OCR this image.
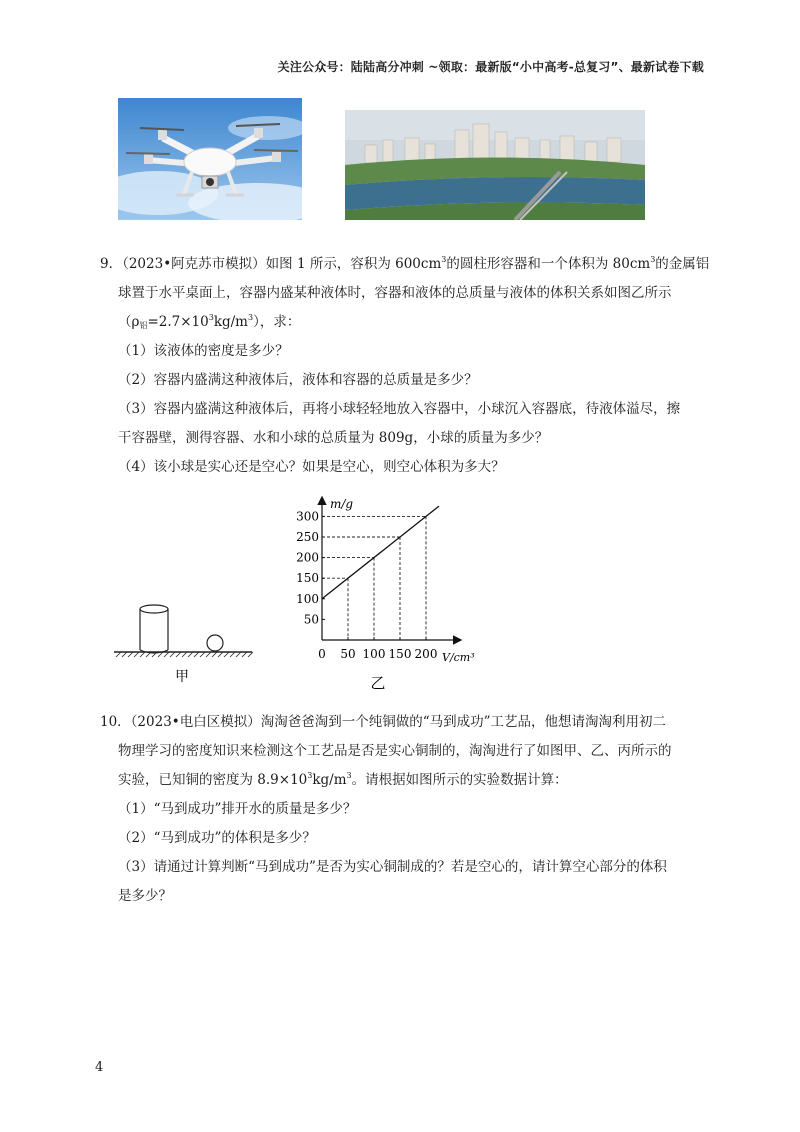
关注公众号：陆陆高分冲刺 ~领取：最新版“小中高考-总复习”、最新试卷下载

9．（2023•阿克苏市模拟）如图 1 所示，容积为 $600cm^3$的圆柱形容器和一个体积为 $80cm^3$的金属铝

球置于水平桌面上，容器内盛某种液体时，容器和液体的总质量与液体的体积关系如图乙所示

$(\rho_铝=2.7\times 10^3kg/m^3)$，求：

（1）该液体的密度是多少？

（2）容器内盛满这种液体后，液体和容器的总质量是多少？

（3）容器内盛满这种液体后，再将小球轻轻地放入容器中，小球沉入容器底，待液体溢尽，擦

干容器壁，测得容器、水和小球的总质量为 809g，小球的质量为多少？

（4）该小球是实心还是空心？如果是空心，则空心体积为多大？

甲
m/g
V/cm³
0
50
100
150
200
250
300
50 100 150 200
乙

10．（2023•电白区模拟）淘淘爸爸淘到一个纯铜做的“马到成功”工艺品，他想请淘淘利用初二

物理学习的密度知识来检测这个工艺品是否是实心铜制的，淘淘进行了如图甲、乙、丙所示的

实验，已知铜的密度为 $8.9\times 10^3kg/m^3$。请根据如图所示的实验数据计算：

（1）“马到成功”排开水的质量是多少？

（2）“马到成功”的体积是多少？

（3）请通过计算判断“马到成功”是否为实心铜制成的？若是空心的，请计算空心部分的体积

是多少？

4
